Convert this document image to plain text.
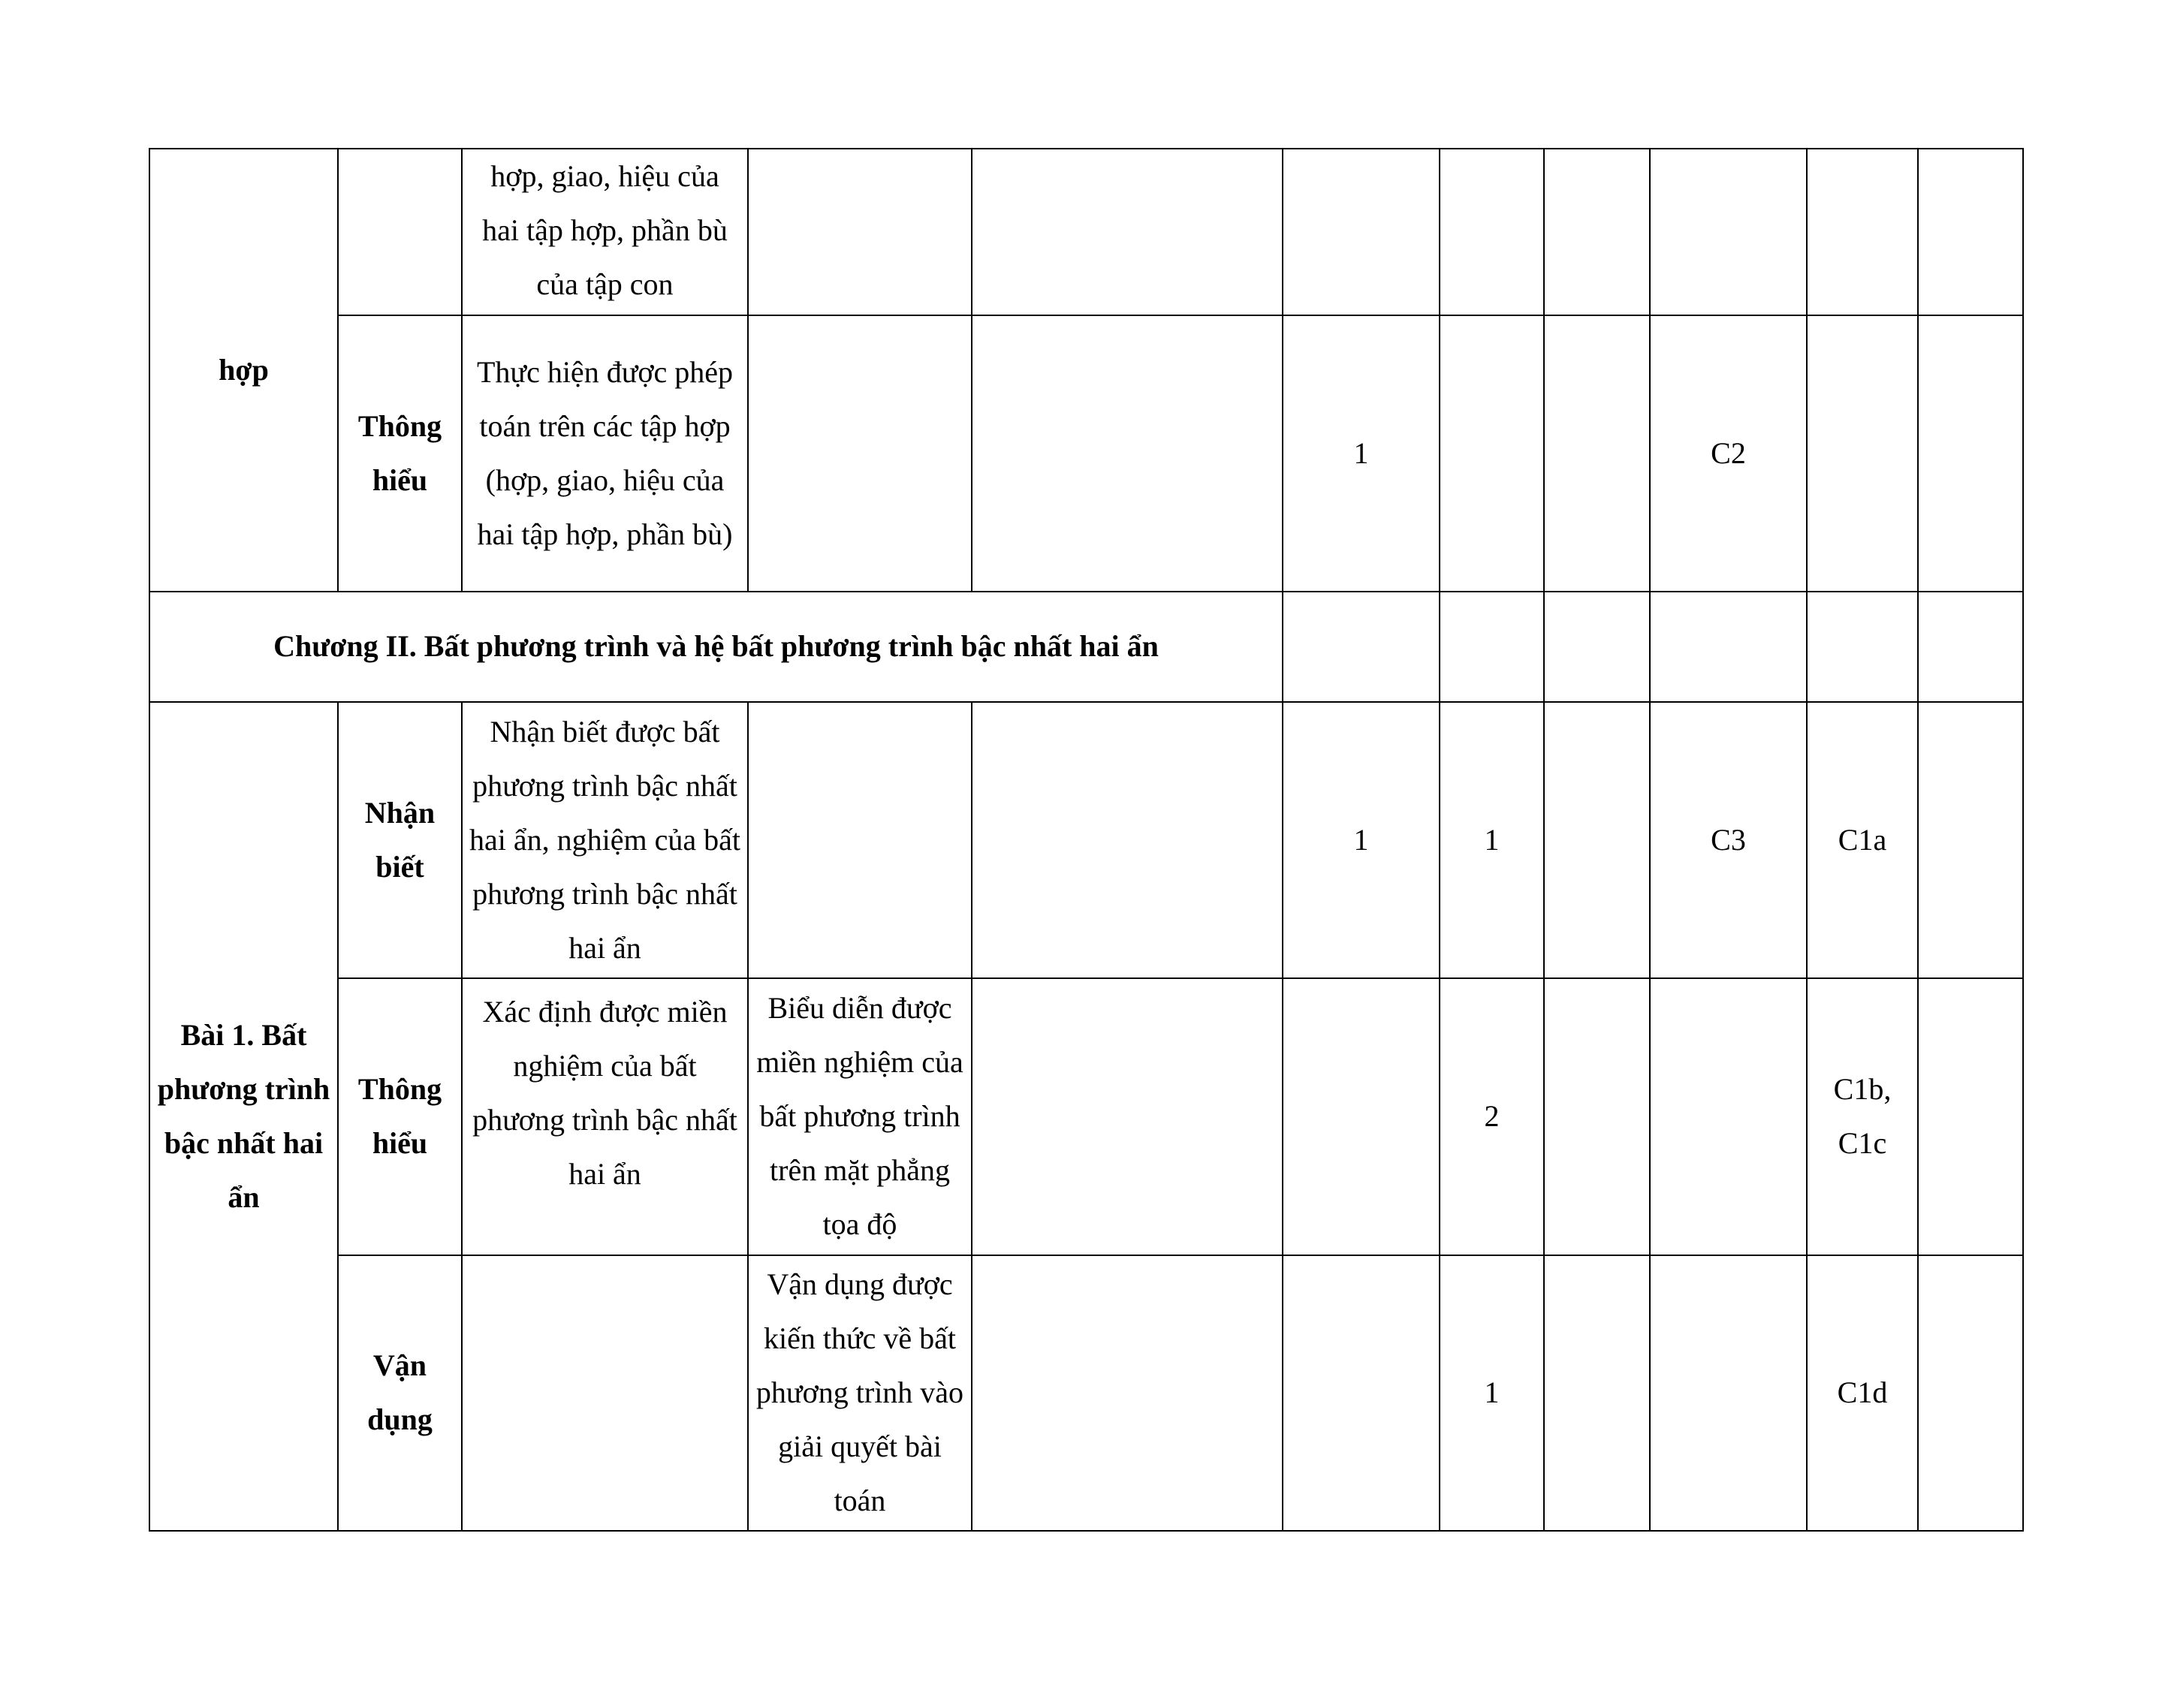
hợp		hợp, giao, hiệu của hai tập hợp, phần bù của tập con								
	Thông hiểu	Thực hiện được phép toán trên các tập hợp (hợp, giao, hiệu của hai tập hợp, phần bù)			1			C2		
Chương II. Bất phương trình và hệ bất phương trình bậc nhất hai ẩn										
Bài 1. Bất phương trình bậc nhất hai ẩn	Nhận biết	Nhận biết được bất phương trình bậc nhất hai ẩn, nghiệm của bất phương trình bậc nhất hai ẩn			1	1		C3	C1a	
	Thông hiểu	Xác định được miền nghiệm của bất phương trình bậc nhất hai ẩn	Biểu diễn được miền nghiệm của bất phương trình trên mặt phẳng tọa độ			2			C1b, C1c	
	Vận dụng		Vận dụng được kiến thức về bất phương trình vào giải quyết bài toán			1			C1d	
